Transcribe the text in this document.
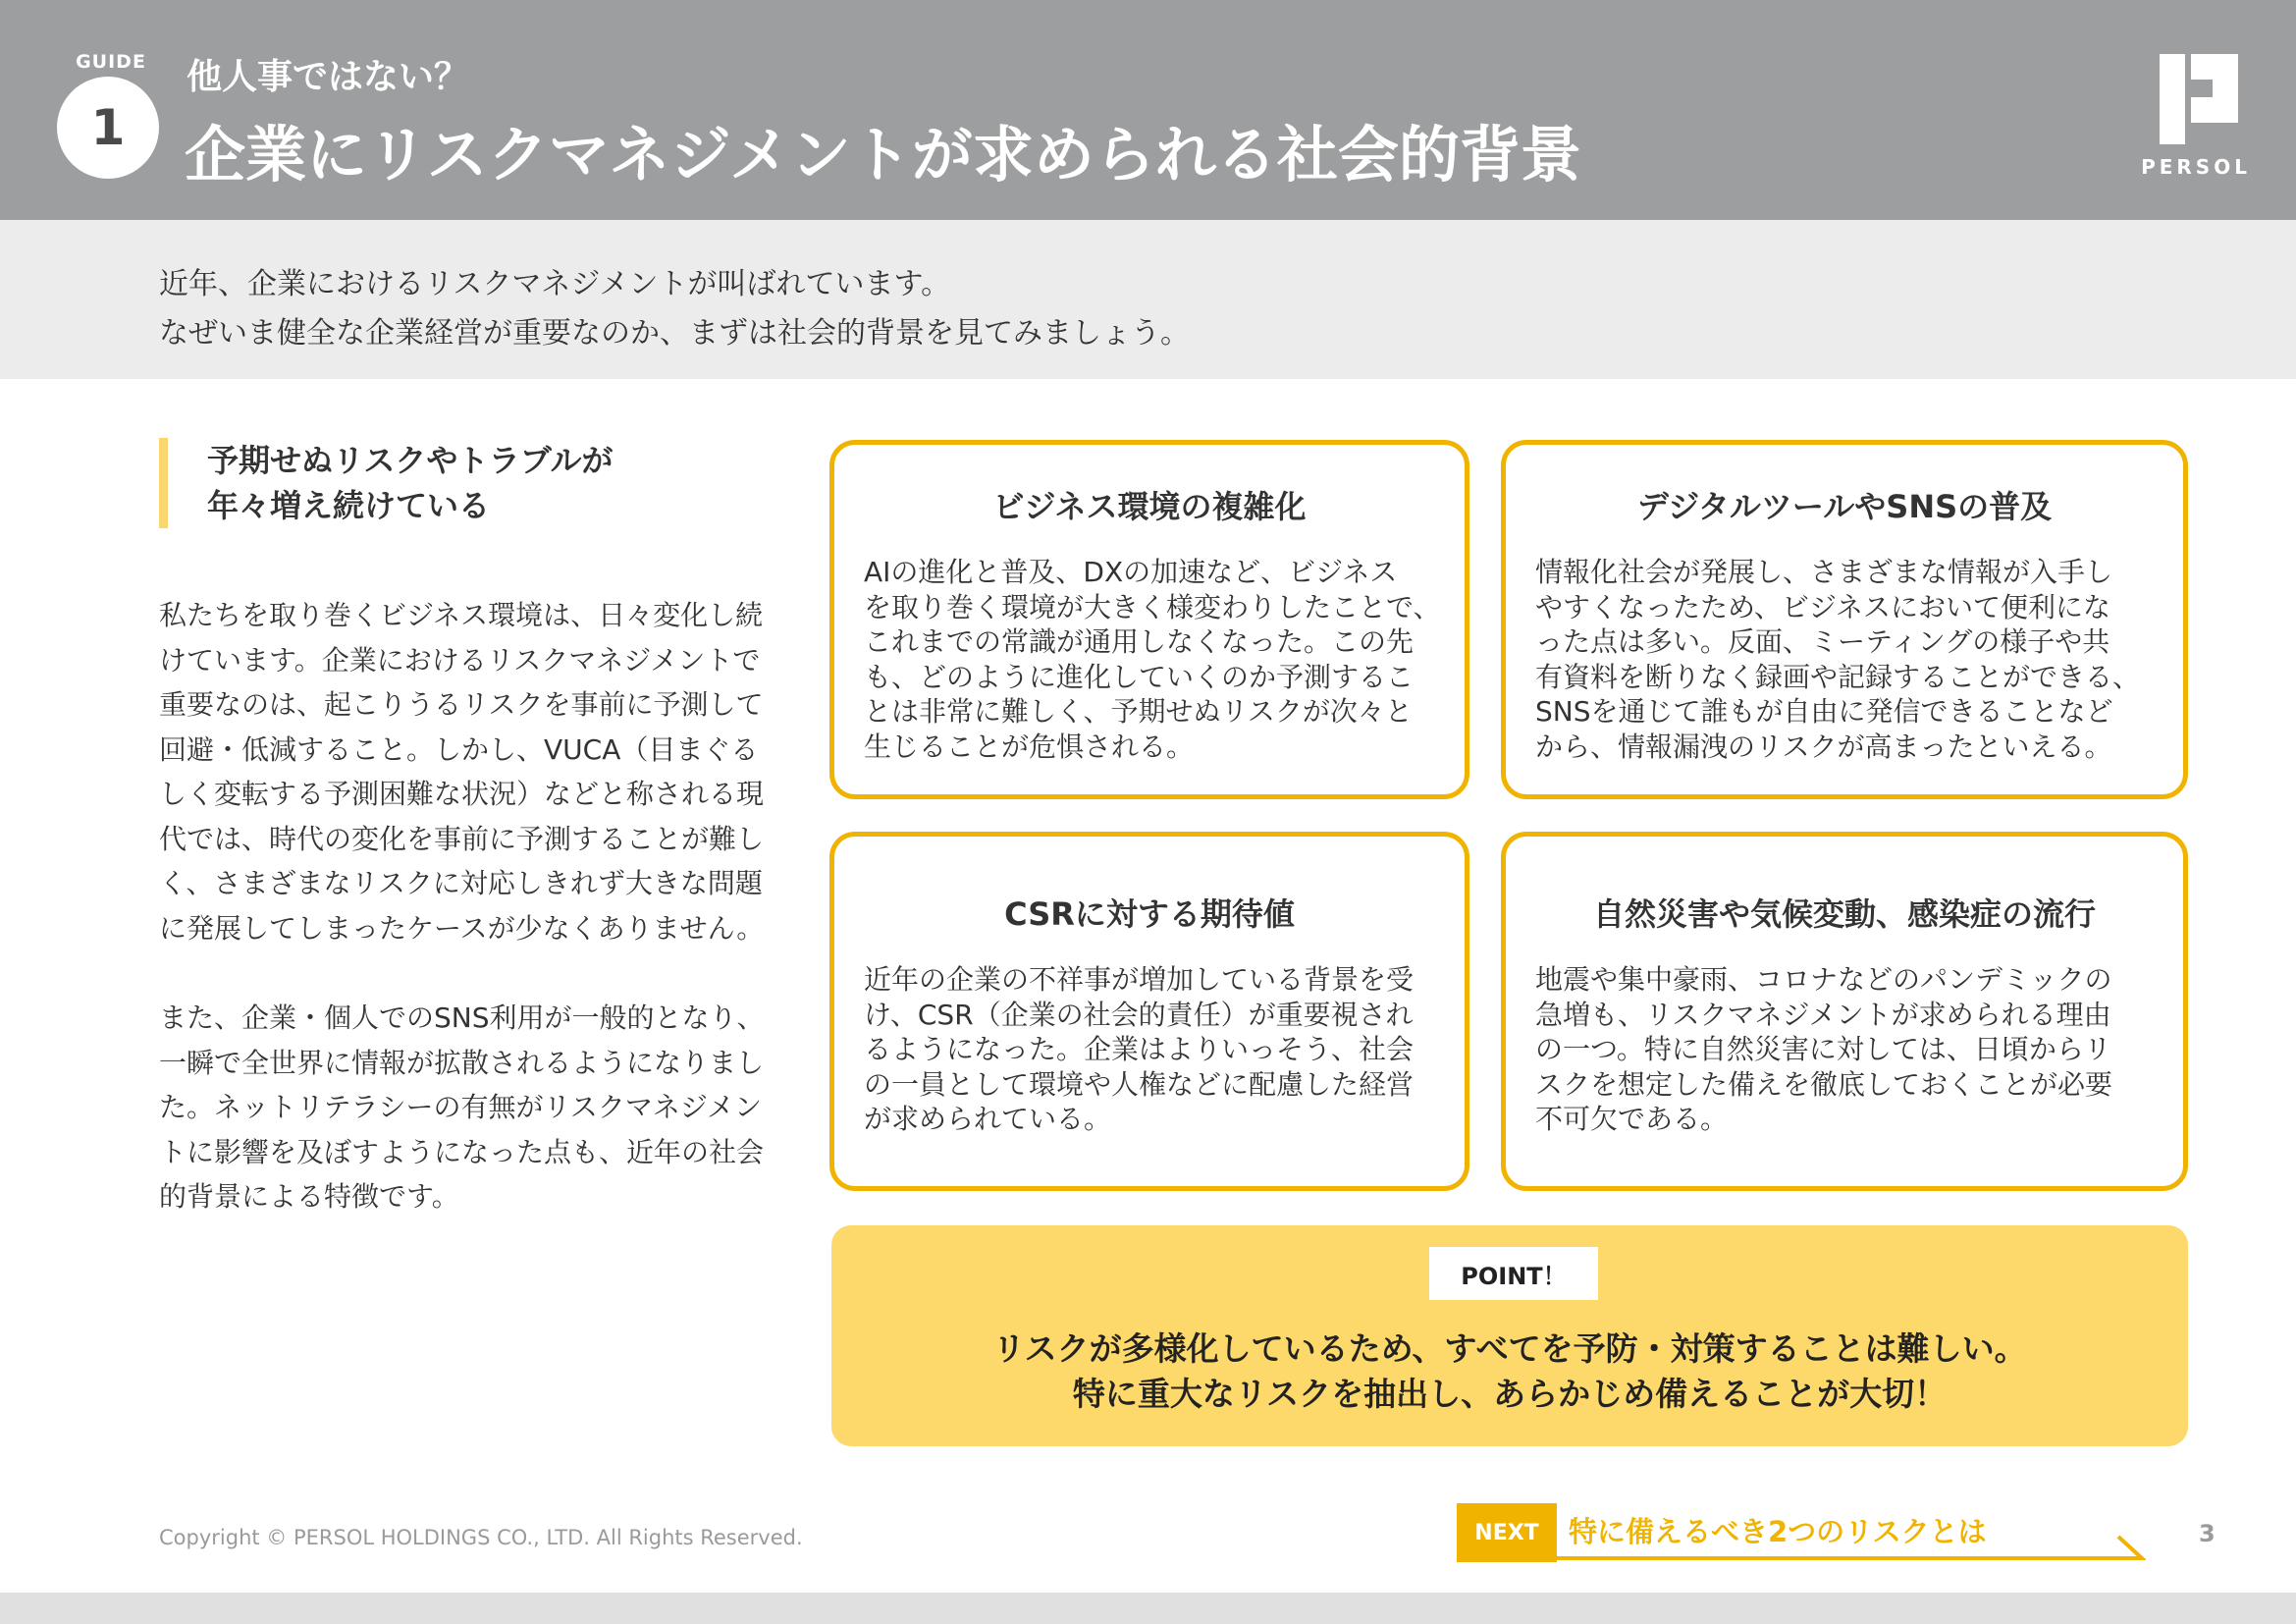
GUIDE
1
他人事ではない？
企業にリスクマネジメントが求められる社会的背景	PERSOL

近年、企業におけるリスクマネジメントが叫ばれています。

なぜいま健全な企業経営が重要なのか、まずは社会的背景を見てみましょう。

予期せぬリスクやトラブルが
年々増え続けている

私たちを取り巻くビジネス環境は、日々変化し続
けています。企業におけるリスクマネジメントで
重要なのは、起こりうるリスクを事前に予測して
回避・低減すること。しかし、VUCA（目まぐる
しく変転する予測困難な状況）などと称される現
代では、時代の変化を事前に予測することが難し
く、さまざまなリスクに対応しきれず大きな問題
に発展してしまったケースが少なくありません。

また、企業・個人でのSNS利用が一般的となり、
一瞬で全世界に情報が拡散されるようになりまし
た。ネットリテラシーの有無がリスクマネジメン
トに影響を及ぼすようになった点も、近年の社会
的背景による特徴です。

ビジネス環境の複雑化

AIの進化と普及、DXの加速など、ビジネス
を取り巻く環境が大きく様変わりしたことで、
これまでの常識が通用しなくなった。この先
も、どのように進化していくのか予測するこ
とは非常に難しく、予期せぬリスクが次々と
生じることが危惧される。

デジタルツールやSNSの普及

情報化社会が発展し、さまざまな情報が入手し
やすくなったため、ビジネスにおいて便利にな
った点は多い。反面、ミーティングの様子や共
有資料を断りなく録画や記録することができる、
SNSを通じて誰もが自由に発信できることなど
から、情報漏洩のリスクが高まったといえる。

CSRに対する期待値

近年の企業の不祥事が増加している背景を受
け、CSR（企業の社会的責任）が重要視され
るようになった。企業はよりいっそう、社会
の一員として環境や人権などに配慮した経営
が求められている。

自然災害や気候変動、感染症の流行

地震や集中豪雨、コロナなどのパンデミックの
急増も、リスクマネジメントが求められる理由
の一つ。特に自然災害に対しては、日頃からリ
スクを想定した備えを徹底しておくことが必要
不可欠である。

POINT！
リスクが多様化しているため、すべてを予防・対策することは難しい。
特に重大なリスクを抽出し、あらかじめ備えることが大切！
Copyright © PERSOL HOLDINGS CO., LTD. All Rights Reserved.	NEXT	特に備えるべき2つのリスクとは	3
